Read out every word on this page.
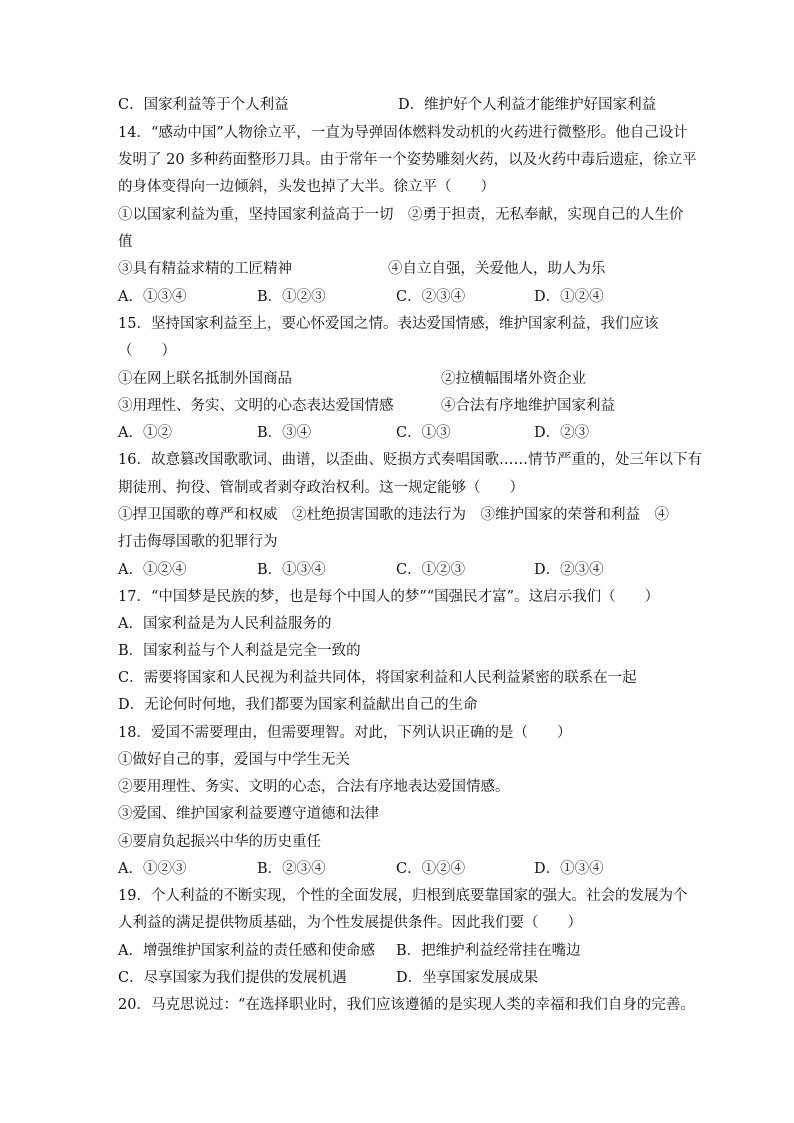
C．国家利益等于个人利益	D．维护好个人利益才能维护好国家利益
14．“感动中国”人物徐立平，一直为导弹固体燃料发动机的火药进行微整形。他自己设计
发明了 20 多种药面整形刀具。由于常年一个姿势雕刻火药，以及火药中毒后遗症，徐立平
的身体变得向一边倾斜，头发也掉了大半。徐立平（　　）
①以国家利益为重，坚持国家利益高于一切　②勇于担责，无私奉献，实现自己的人生价
值
③具有精益求精的工匠精神	④自立自强，关爱他人，助人为乐
A．①③④	B．①②③	C．②③④	D．①②④
15．坚持国家利益至上，要心怀爱国之情。表达爱国情感，维护国家利益，我们应该
（　　）
①在网上联名抵制外国商品	②拉横幅围堵外资企业
③用理性、务实、文明的心态表达爱国情感	④合法有序地维护国家利益
A．①②	B．③④	C．①③	D．②③
16．故意篡改国歌歌词、曲谱，以歪曲、贬损方式奏唱国歌……情节严重的，处三年以下有
期徒刑、拘役、管制或者剥夺政治权利。这一规定能够（　　）
①捍卫国歌的尊严和权威　②杜绝损害国歌的违法行为　③维护国家的荣誉和利益　④
打击侮辱国歌的犯罪行为
A．①②④	B．①③④	C．①②③	D．②③④
17．“中国梦是民族的梦，也是每个中国人的梦”“国强民才富”。这启示我们（　　）
A．国家利益是为人民利益服务的
B．国家利益与个人利益是完全一致的
C．需要将国家和人民视为利益共同体，将国家利益和人民利益紧密的联系在一起
D．无论何时何地，我们都要为国家利益献出自己的生命
18．爱国不需要理由，但需要理智。对此，下列认识正确的是（　　）
①做好自己的事，爱国与中学生无关
②要用理性、务实、文明的心态，合法有序地表达爱国情感。
③爱国、维护国家利益要遵守道德和法律
④要肩负起振兴中华的历史重任
A．①②③	B．②③④	C．①②④	D．①③④
19．个人利益的不断实现，个性的全面发展，归根到底要靠国家的强大。社会的发展为个
人利益的满足提供物质基础，为个性发展提供条件。因此我们要（　　）
A．增强维护国家利益的责任感和使命感 B．把维护利益经常挂在嘴边
C．尽享国家为我们提供的发展机遇	D．坐享国家发展成果
20．马克思说过：“在选择职业时，我们应该遵循的是实现人类的幸福和我们自身的完善。
